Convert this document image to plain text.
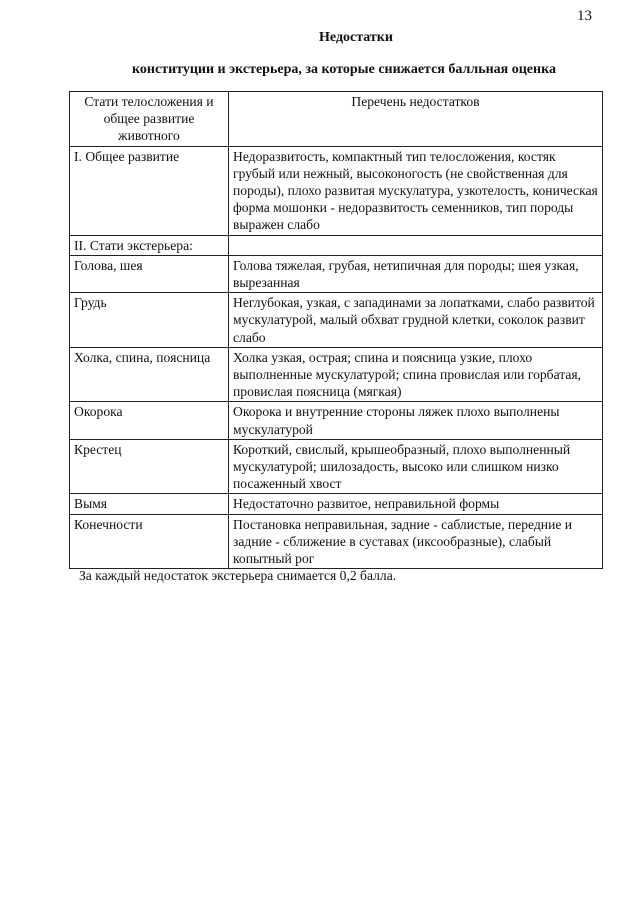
13
Недостатки
конституции и экстерьера, за которые снижается балльная оценка
Стати телосложения и общее развитие животного	Перечень недостатков
I. Общее развитие	Недоразвитость, компактный тип телосложения, костяк грубый или нежный, высоконогость (не свойственная для породы), плохо развитая мускулатура, узкотелость, коническая форма мошонки - недоразвитость семенников, тип породы выражен слабо
II. Стати экстерьера:	
Голова, шея	Голова тяжелая, грубая, нетипичная для породы; шея узкая, вырезанная
Грудь	Неглубокая, узкая, с западинами за лопатками, слабо развитой мускулатурой, малый обхват грудной клетки, соколок развит слабо
Холка, спина, поясница	Холка узкая, острая; спина и поясница узкие, плохо выполненные мускулатурой; спина провислая или горбатая, провислая поясница (мягкая)
Окорока	Окорока и внутренние стороны ляжек плохо выполнены мускулатурой
Крестец	Короткий, свислый, крышеобразный, плохо выполненный мускулатурой; шилозадость, высоко или слишком низко посаженный хвост
Вымя	Недостаточно развитое, неправильной формы
Конечности	Постановка неправильная, задние - саблистые, передние и задние - сближение в суставах (иксообразные), слабый копытный рог
За каждый недостаток экстерьера снимается 0,2 балла.
